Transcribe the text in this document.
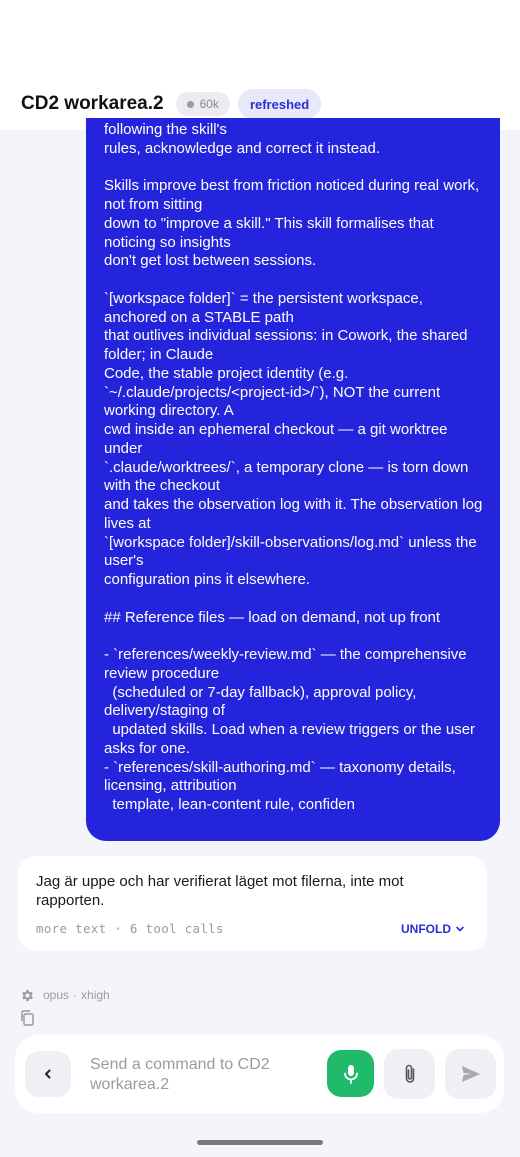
CD2 workarea.2	60k	refreshed
following the skill's
rules, acknowledge and correct it instead.

Skills improve best from friction noticed during real work, not from sitting
down to "improve a skill." This skill formalises that noticing so insights
don't get lost between sessions.

`[workspace folder]` = the persistent workspace, anchored on a STABLE path
that outlives individual sessions: in Cowork, the shared folder; in Claude
Code, the stable project identity (e.g. `~/.claude/projects/<project-id>/`), NOT the current working directory. A
cwd inside an ephemeral checkout — a git worktree under
`.claude/worktrees/`, a temporary clone — is torn down with the checkout
and takes the observation log with it. The observation log lives at
`[workspace folder]/skill-observations/log.md` unless the user's
configuration pins it elsewhere.

## Reference files — load on demand, not up front

- `references/weekly-review.md` — the comprehensive review procedure
(scheduled or 7-day fallback), approval policy, delivery/staging of
updated skills. Load when a review triggers or the user asks for one.
- `references/skill-authoring.md` — taxonomy details, licensing, attribution
template, lean-content rule, confiden
Jag är uppe och har verifierat läget mot filerna, inte mot rapporten.
more text · 6 tool calls	UNFOLD
opus · xhigh
Send a command to CD2 workarea.2
